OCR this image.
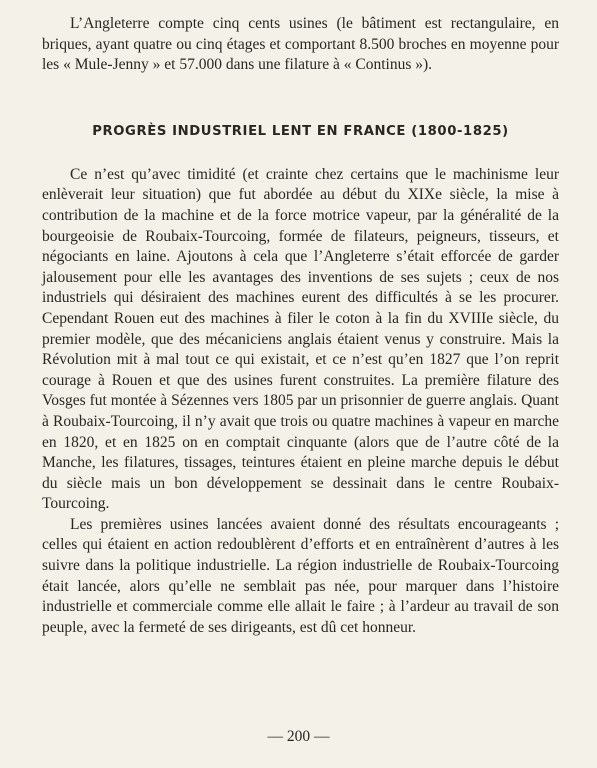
L’Angleterre compte cinq cents usines (le bâtiment est rectangulaire, en briques, ayant quatre ou cinq étages et comportant 8.500 broches en moyenne pour les « Mule-Jenny » et 57.000 dans une filature à « Continus »).

PROGRÈS INDUSTRIEL LENT EN FRANCE (1800-1825)

Ce n’est qu’avec timidité (et crainte chez certains que le machinisme leur enlèverait leur situation) que fut abordée au début du XIXe siècle, la mise à contribution de la machine et de la force motrice vapeur, par la généralité de la bourgeoisie de Roubaix-Tourcoing, formée de filateurs, peigneurs, tisseurs, et négociants en laine. Ajoutons à cela que l’Angleterre s’était efforcée de garder jalousement pour elle les avantages des inventions de ses sujets ; ceux de nos industriels qui désiraient des machines eurent des difficultés à se les procurer. Cependant Rouen eut des machines à filer le coton à la fin du XVIIIe siècle, du premier modèle, que des mécaniciens anglais étaient venus y construire. Mais la Révolution mit à mal tout ce qui existait, et ce n’est qu’en 1827 que l’on reprit courage à Rouen et que des usines furent construites. La première filature des Vosges fut montée à Sézennes vers 1805 par un prisonnier de guerre anglais. Quant à Roubaix-Tourcoing, il n’y avait que trois ou quatre machines à vapeur en marche en 1820, et en 1825 on en comptait cinquante (alors que de l’autre côté de la Manche, les filatures, tissages, teintures étaient en pleine marche depuis le début du siècle mais un bon développement se dessinait dans le centre Roubaix-Tourcoing.

Les premières usines lancées avaient donné des résultats encourageants ; celles qui étaient en action redoublèrent d’efforts et en entraînèrent d’autres à les suivre dans la politique industrielle. La région industrielle de Roubaix-Tourcoing était lancée, alors qu’elle ne semblait pas née, pour marquer dans l’histoire industrielle et commerciale comme elle allait le faire ; à l’ardeur au travail de son peuple, avec la fermeté de ses dirigeants, est dû cet honneur.

— 200 —
